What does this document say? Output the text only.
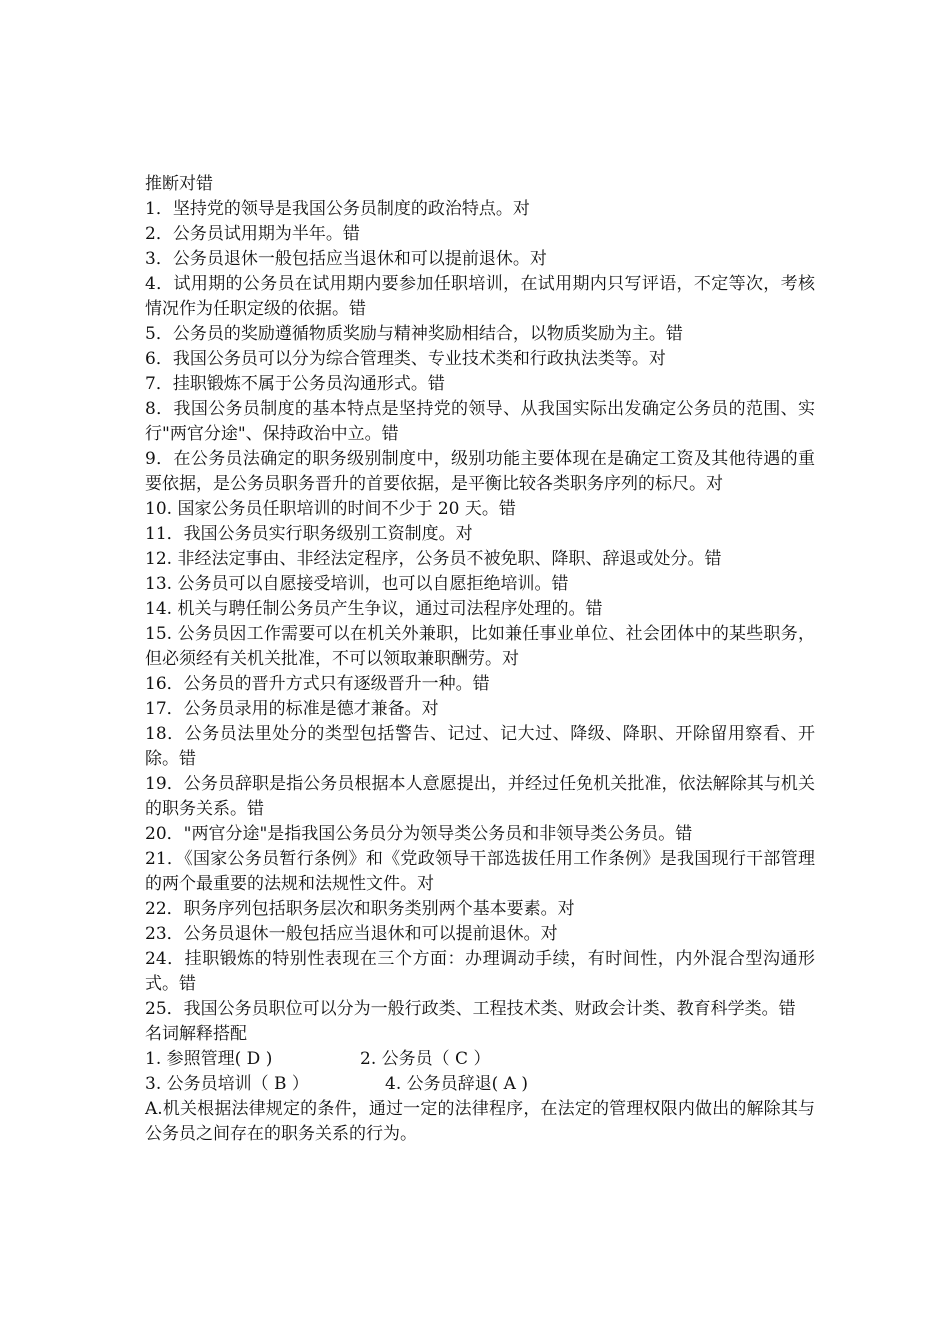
推断对错

1．坚持党的领导是我国公务员制度的政治特点。对

2．公务员试用期为半年。错

3．公务员退休一般包括应当退休和可以提前退休。对

4．试用期的公务员在试用期内要参加任职培训，在试用期内只写评语，不定等次，考核情况作为任职定级的依据。错

5．公务员的奖励遵循物质奖励与精神奖励相结合，以物质奖励为主。错

6．我国公务员可以分为综合管理类、专业技术类和行政执法类等。对

7．挂职锻炼不属于公务员沟通形式。错

8．我国公务员制度的基本特点是坚持党的领导、从我国实际出发确定公务员的范围、实行"两官分途"、保持政治中立。错

9．在公务员法确定的职务级别制度中，级别功能主要体现在是确定工资及其他待遇的重要依据，是公务员职务晋升的首要依据，是平衡比较各类职务序列的标尺。对

10. 国家公务员任职培训的时间不少于 20 天。错

11．我国公务员实行职务级别工资制度。对

12. 非经法定事由、非经法定程序，公务员不被免职、降职、辞退或处分。错

13. 公务员可以自愿接受培训，也可以自愿拒绝培训。错

14. 机关与聘任制公务员产生争议，通过司法程序处理的。错

15. 公务员因工作需要可以在机关外兼职，比如兼任事业单位、社会团体中的某些职务，但必须经有关机关批准，不可以领取兼职酬劳。对

16．公务员的晋升方式只有逐级晋升一种。错

17．公务员录用的标准是德才兼备。对

18．公务员法里处分的类型包括警告、记过、记大过、降级、降职、开除留用察看、开除。错

19．公务员辞职是指公务员根据本人意愿提出，并经过任免机关批准，依法解除其与机关的职务关系。错

20．"两官分途"是指我国公务员分为领导类公务员和非领导类公务员。错

21．《国家公务员暂行条例》和《党政领导干部选拔任用工作条例》是我国现行干部管理的两个最重要的法规和法规性文件。对

22．职务序列包括职务层次和职务类别两个基本要素。对

23．公务员退休一般包括应当退休和可以提前退休。对

24．挂职锻炼的特别性表现在三个方面：办理调动手续，有时间性，内外混合型沟通形式。错

25．我国公务员职位可以分为一般行政类、工程技术类、财政会计类、教育科学类。错

名词解释搭配

1. 参照管理( D )	2. 公务员（ C ）
3. 公务员培训（ B ）	4. 公务员辞退( A )

A.机关根据法律规定的条件，通过一定的法律程序，在法定的管理权限内做出的解除其与公务员之间存在的职务关系的行为。
